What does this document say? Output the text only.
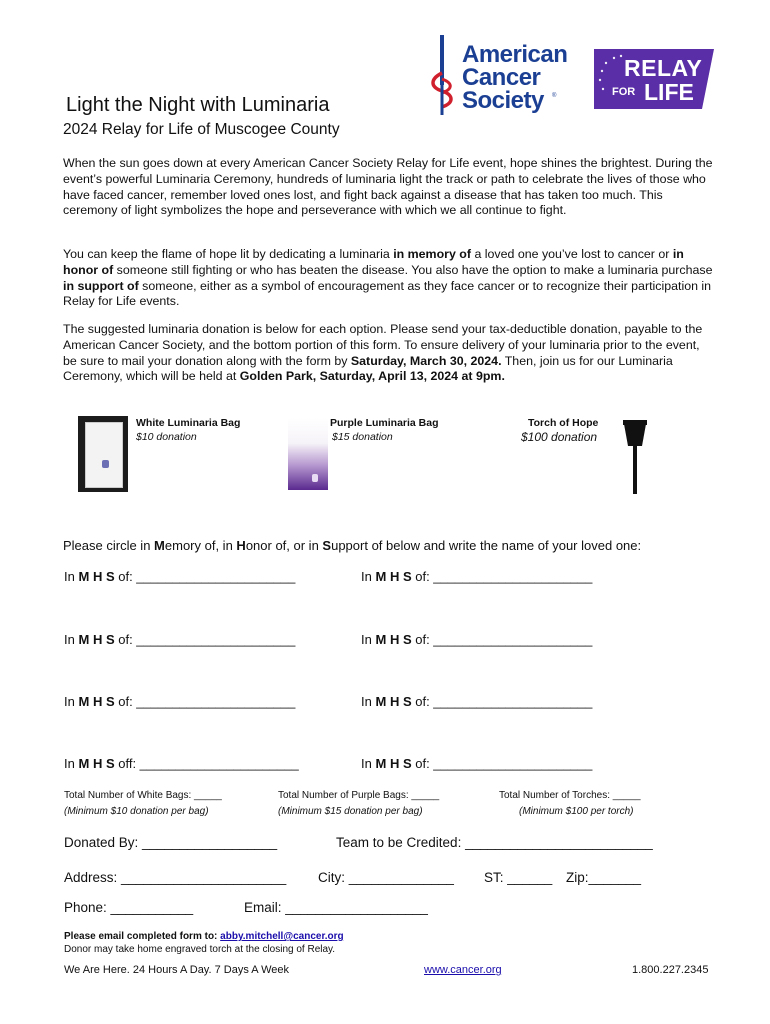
American
Cancer
Society ®
RELAY
FOR LIFE
Light the Night with Luminaria
2024 Relay for Life of Muscogee County
When the sun goes down at every American Cancer Society Relay for Life event, hope shines the brightest. During the event’s powerful Luminaria Ceremony, hundreds of luminaria light the track or path to celebrate the lives of those who have faced cancer, remember loved ones lost, and fight back against a disease that has taken too much. This ceremony of light symbolizes the hope and perseverance with which we all continue to fight.
You can keep the flame of hope lit by dedicating a luminaria in memory of a loved one you’ve lost to cancer or in honor of someone still fighting or who has beaten the disease. You also have the option to make a luminaria purchase in support of someone, either as a symbol of encouragement as they face cancer or to recognize their participation in Relay for Life events.
The suggested luminaria donation is below for each option. Please send your tax-deductible donation, payable to the American Cancer Society, and the bottom portion of this form. To ensure delivery of your luminaria prior to the event, be sure to mail your donation along with the form by Saturday, March 30, 2024. Then, join us for our Luminaria Ceremony, which will be held at Golden Park, Saturday, April 13, 2024 at 9pm.
White Luminaria Bag
$10 donation
Purple Luminaria Bag
$15 donation
Torch of Hope
$100 donation
Please circle in Memory of, in Honor of, or in Support of below and write the name of your loved one:
In M H S of: ______________________	In M H S of: ______________________
In M H S of: ______________________	In M H S of: ______________________
In M H S of: ______________________	In M H S of: ______________________
In M H S off: ______________________	In M H S of: ______________________
Total Number of White Bags: _____
(Minimum $10 donation per bag)
Total Number of Purple Bags: _____
(Minimum $15 donation per bag)
Total Number of Torches: _____
(Minimum $100 per torch)
Donated By: __________________	Team to be Credited: _________________________
Address: ______________________ City: ______________ ST: ______ Zip:_______
Phone: ___________	Email: ___________________
Please email completed form to: abby.mitchell@cancer.org
Donor may take home engraved torch at the closing of Relay.
We Are Here. 24 Hours A Day. 7 Days A Week	www.cancer.org	1.800.227.2345
